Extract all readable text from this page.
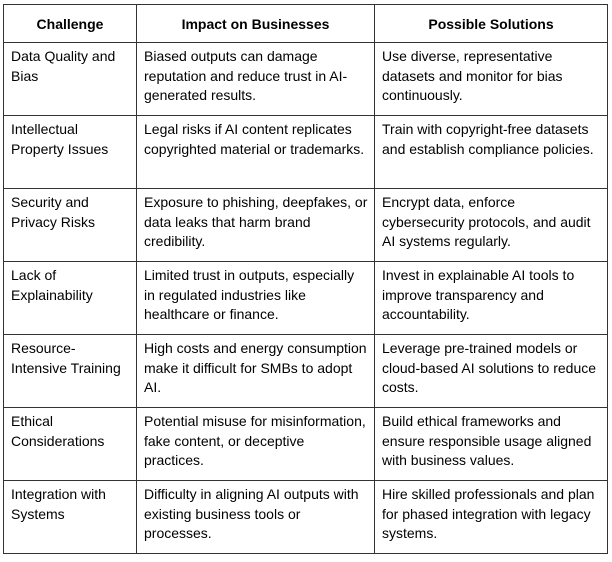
Challenge	Impact on Businesses	Possible Solutions
Data Quality and Bias	Biased outputs can damage reputation and reduce trust in AI-generated results.	Use diverse, representative datasets and monitor for bias continuously.
Intellectual Property Issues	Legal risks if AI content replicates copyrighted material or trademarks.	Train with copyright-free datasets and establish compliance policies.
Security and Privacy Risks	Exposure to phishing, deepfakes, or data leaks that harm brand credibility.	Encrypt data, enforce cybersecurity protocols, and audit AI systems regularly.
Lack of Explainability	Limited trust in outputs, especially in regulated industries like healthcare or finance.	Invest in explainable AI tools to improve transparency and accountability.
Resource-Intensive Training	High costs and energy consumption make it difficult for SMBs to adopt AI.	Leverage pre-trained models or cloud-based AI solutions to reduce costs.
Ethical Considerations	Potential misuse for misinformation, fake content, or deceptive practices.	Build ethical frameworks and ensure responsible usage aligned with business values.
Integration with Systems	Difficulty in aligning AI outputs with existing business tools or processes.	Hire skilled professionals and plan for phased integration with legacy systems.
